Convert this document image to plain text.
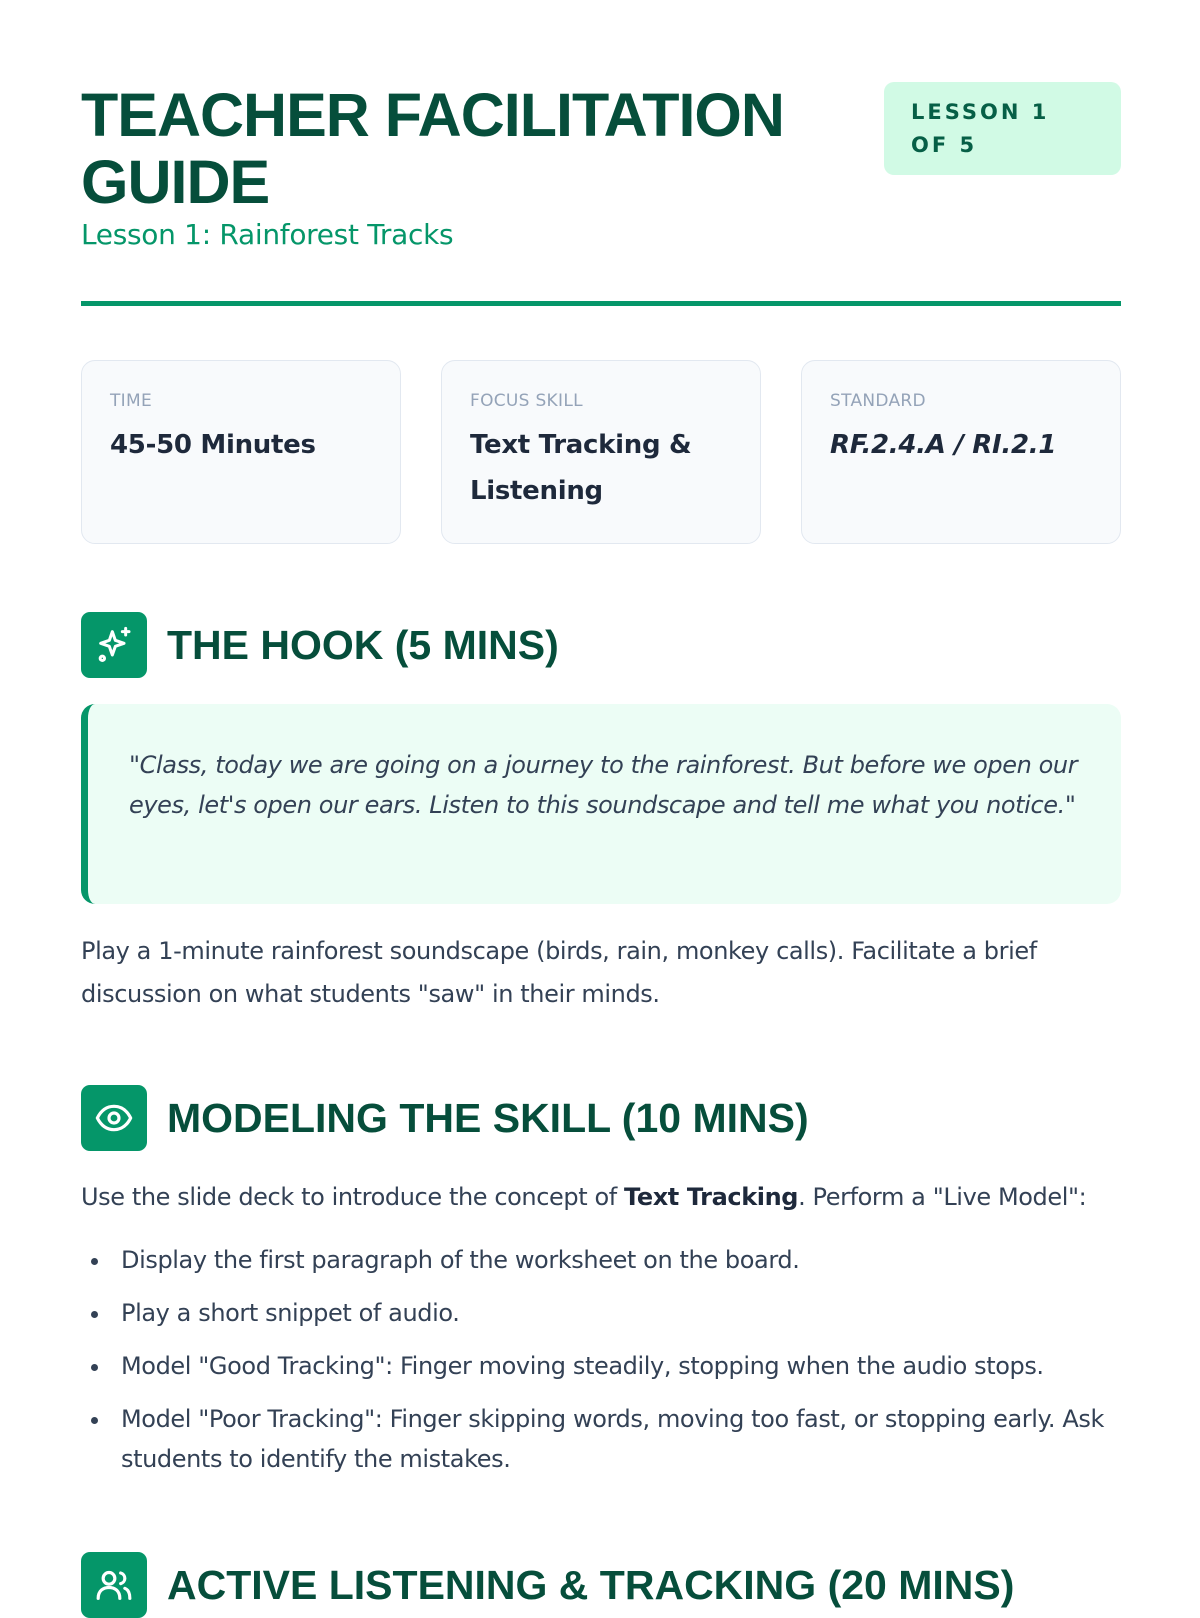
TEACHER FACILITATION GUIDE

Lesson 1: Rainforest Tracks

LESSON 1 OF 5
TIME
45-50 Minutes
FOCUS SKILL
Text Tracking & Listening
STANDARD
RF.2.4.A / RI.2.1
THE HOOK (5 MINS)

"Class, today we are going on a journey to the rainforest. But before we open our eyes, let's open our ears. Listen to this soundscape and tell me what you notice."

Play a 1-minute rainforest soundscape (birds, rain, monkey calls). Facilitate a brief discussion on what students "saw" in their minds.

MODELING THE SKILL (10 MINS)

Use the slide deck to introduce the concept of Text Tracking. Perform a "Live Model":

Display the first paragraph of the worksheet on the board.
Play a short snippet of audio.
Model "Good Tracking": Finger moving steadily, stopping when the audio stops.
Model "Poor Tracking": Finger skipping words, moving too fast, or stopping early. Ask students to identify the mistakes.
ACTIVE LISTENING & TRACKING (20 MINS)
